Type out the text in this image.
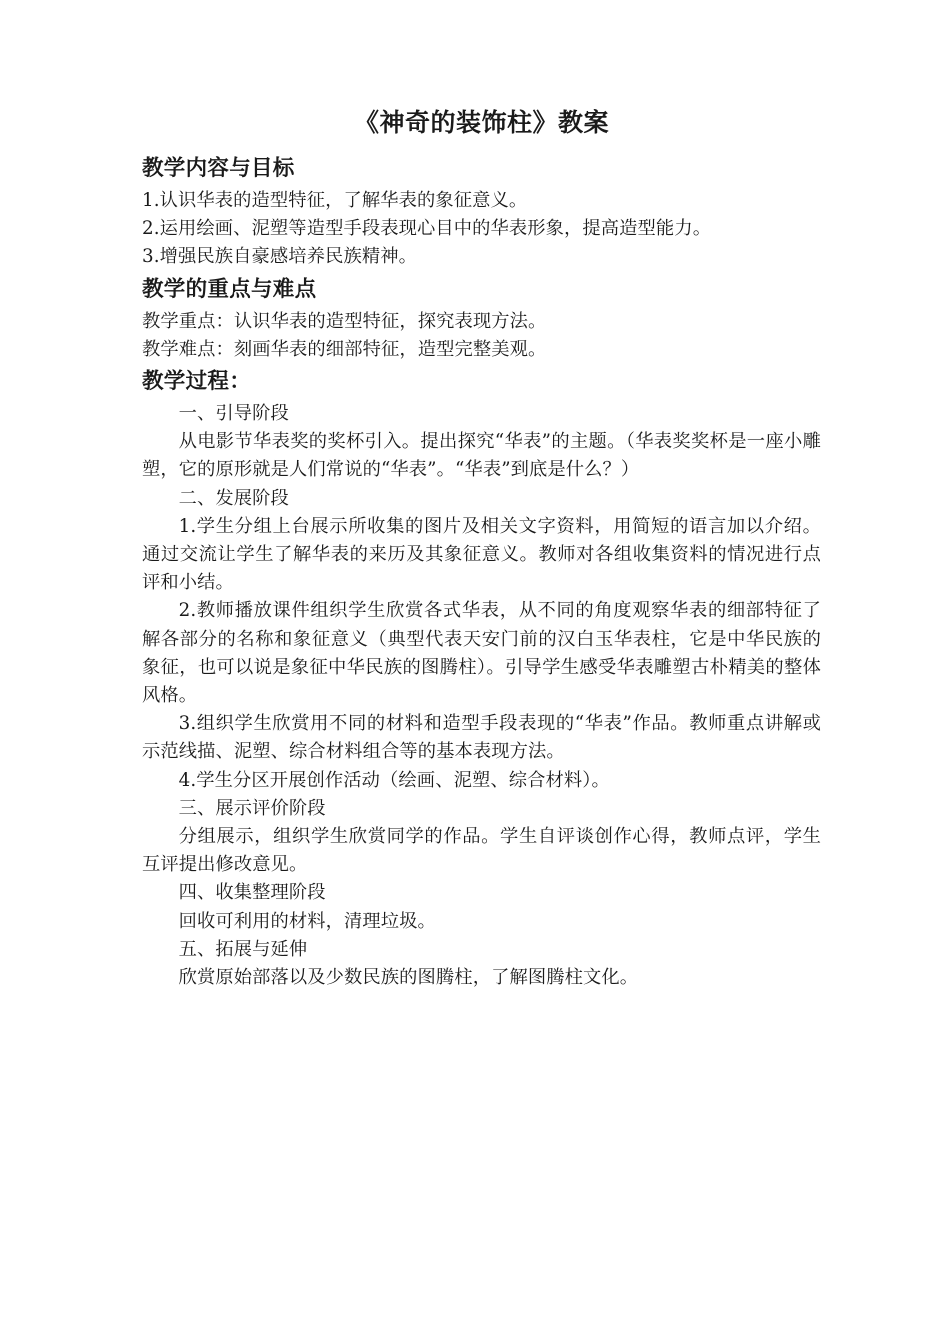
《神奇的装饰柱》教案
教学内容与目标

1.认识华表的造型特征，了解华表的象征意义。

2.运用绘画、泥塑等造型手段表现心目中的华表形象，提高造型能力。

3.增强民族自豪感培养民族精神。

教学的重点与难点

教学重点：认识华表的造型特征，探究表现方法。

教学难点：刻画华表的细部特征，造型完整美观。

教学过程：

一、引导阶段

从电影节华表奖的奖杯引入。提出探究“华表”的主题。（华表奖奖杯是一座小雕塑，它的原形就是人们常说的“华表”。“华表”到底是什么？）

二、发展阶段

1.学生分组上台展示所收集的图片及相关文字资料，用简短的语言加以介绍。通过交流让学生了解华表的来历及其象征意义。教师对各组收集资料的情况进行点评和小结。

2.教师播放课件组织学生欣赏各式华表，从不同的角度观察华表的细部特征了解各部分的名称和象征意义（典型代表天安门前的汉白玉华表柱，它是中华民族的象征，也可以说是象征中华民族的图腾柱）。引导学生感受华表雕塑古朴精美的整体风格。

3.组织学生欣赏用不同的材料和造型手段表现的“华表”作品。教师重点讲解或示范线描、泥塑、综合材料组合等的基本表现方法。

4.学生分区开展创作活动（绘画、泥塑、综合材料）。

三、展示评价阶段

分组展示，组织学生欣赏同学的作品。学生自评谈创作心得，教师点评，学生互评提出修改意见。

四、收集整理阶段

回收可利用的材料，清理垃圾。

五、拓展与延伸

欣赏原始部落以及少数民族的图腾柱，了解图腾柱文化。
